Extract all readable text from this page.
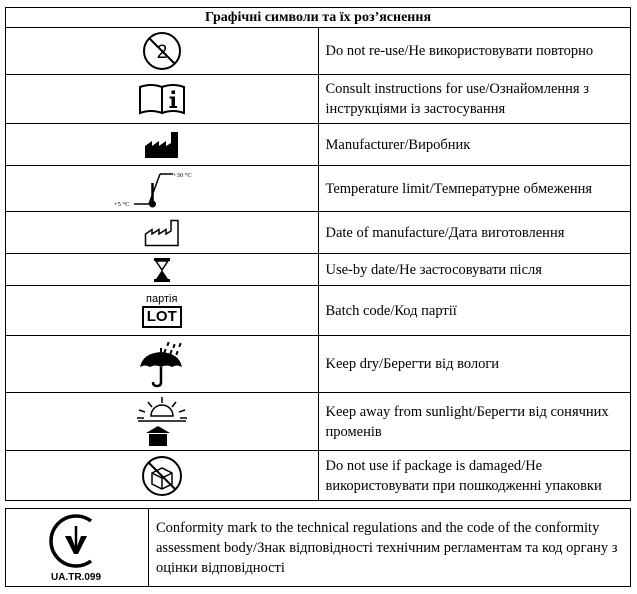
Графічні символи та їх розʼяснення	

2	Do not re-use/Не використовувати повторно

	Consult instructions for use/Ознайомлення з інструкціями із застосування

	Manufacturer/Виробник

+30 °C
+5 °C	Temperature limit/Температурне обмеження

	Date of manufacture/Дата виготовлення

	Use-by date/Не застосовувати після

партія
LOT	Batch code/Код партії

	Keep dry/Берегти від вологи

	Keep away from sunlight/Берегти від сонячних променів

	Do not use if package is damaged/Не використовувати при пошкодженні упаковки
UA.TR.099
	Conformity mark to the technical regulations and the code of the conformity assessment body/Знак відповідності технічним регламентам та код органу з оцінки відповідності
